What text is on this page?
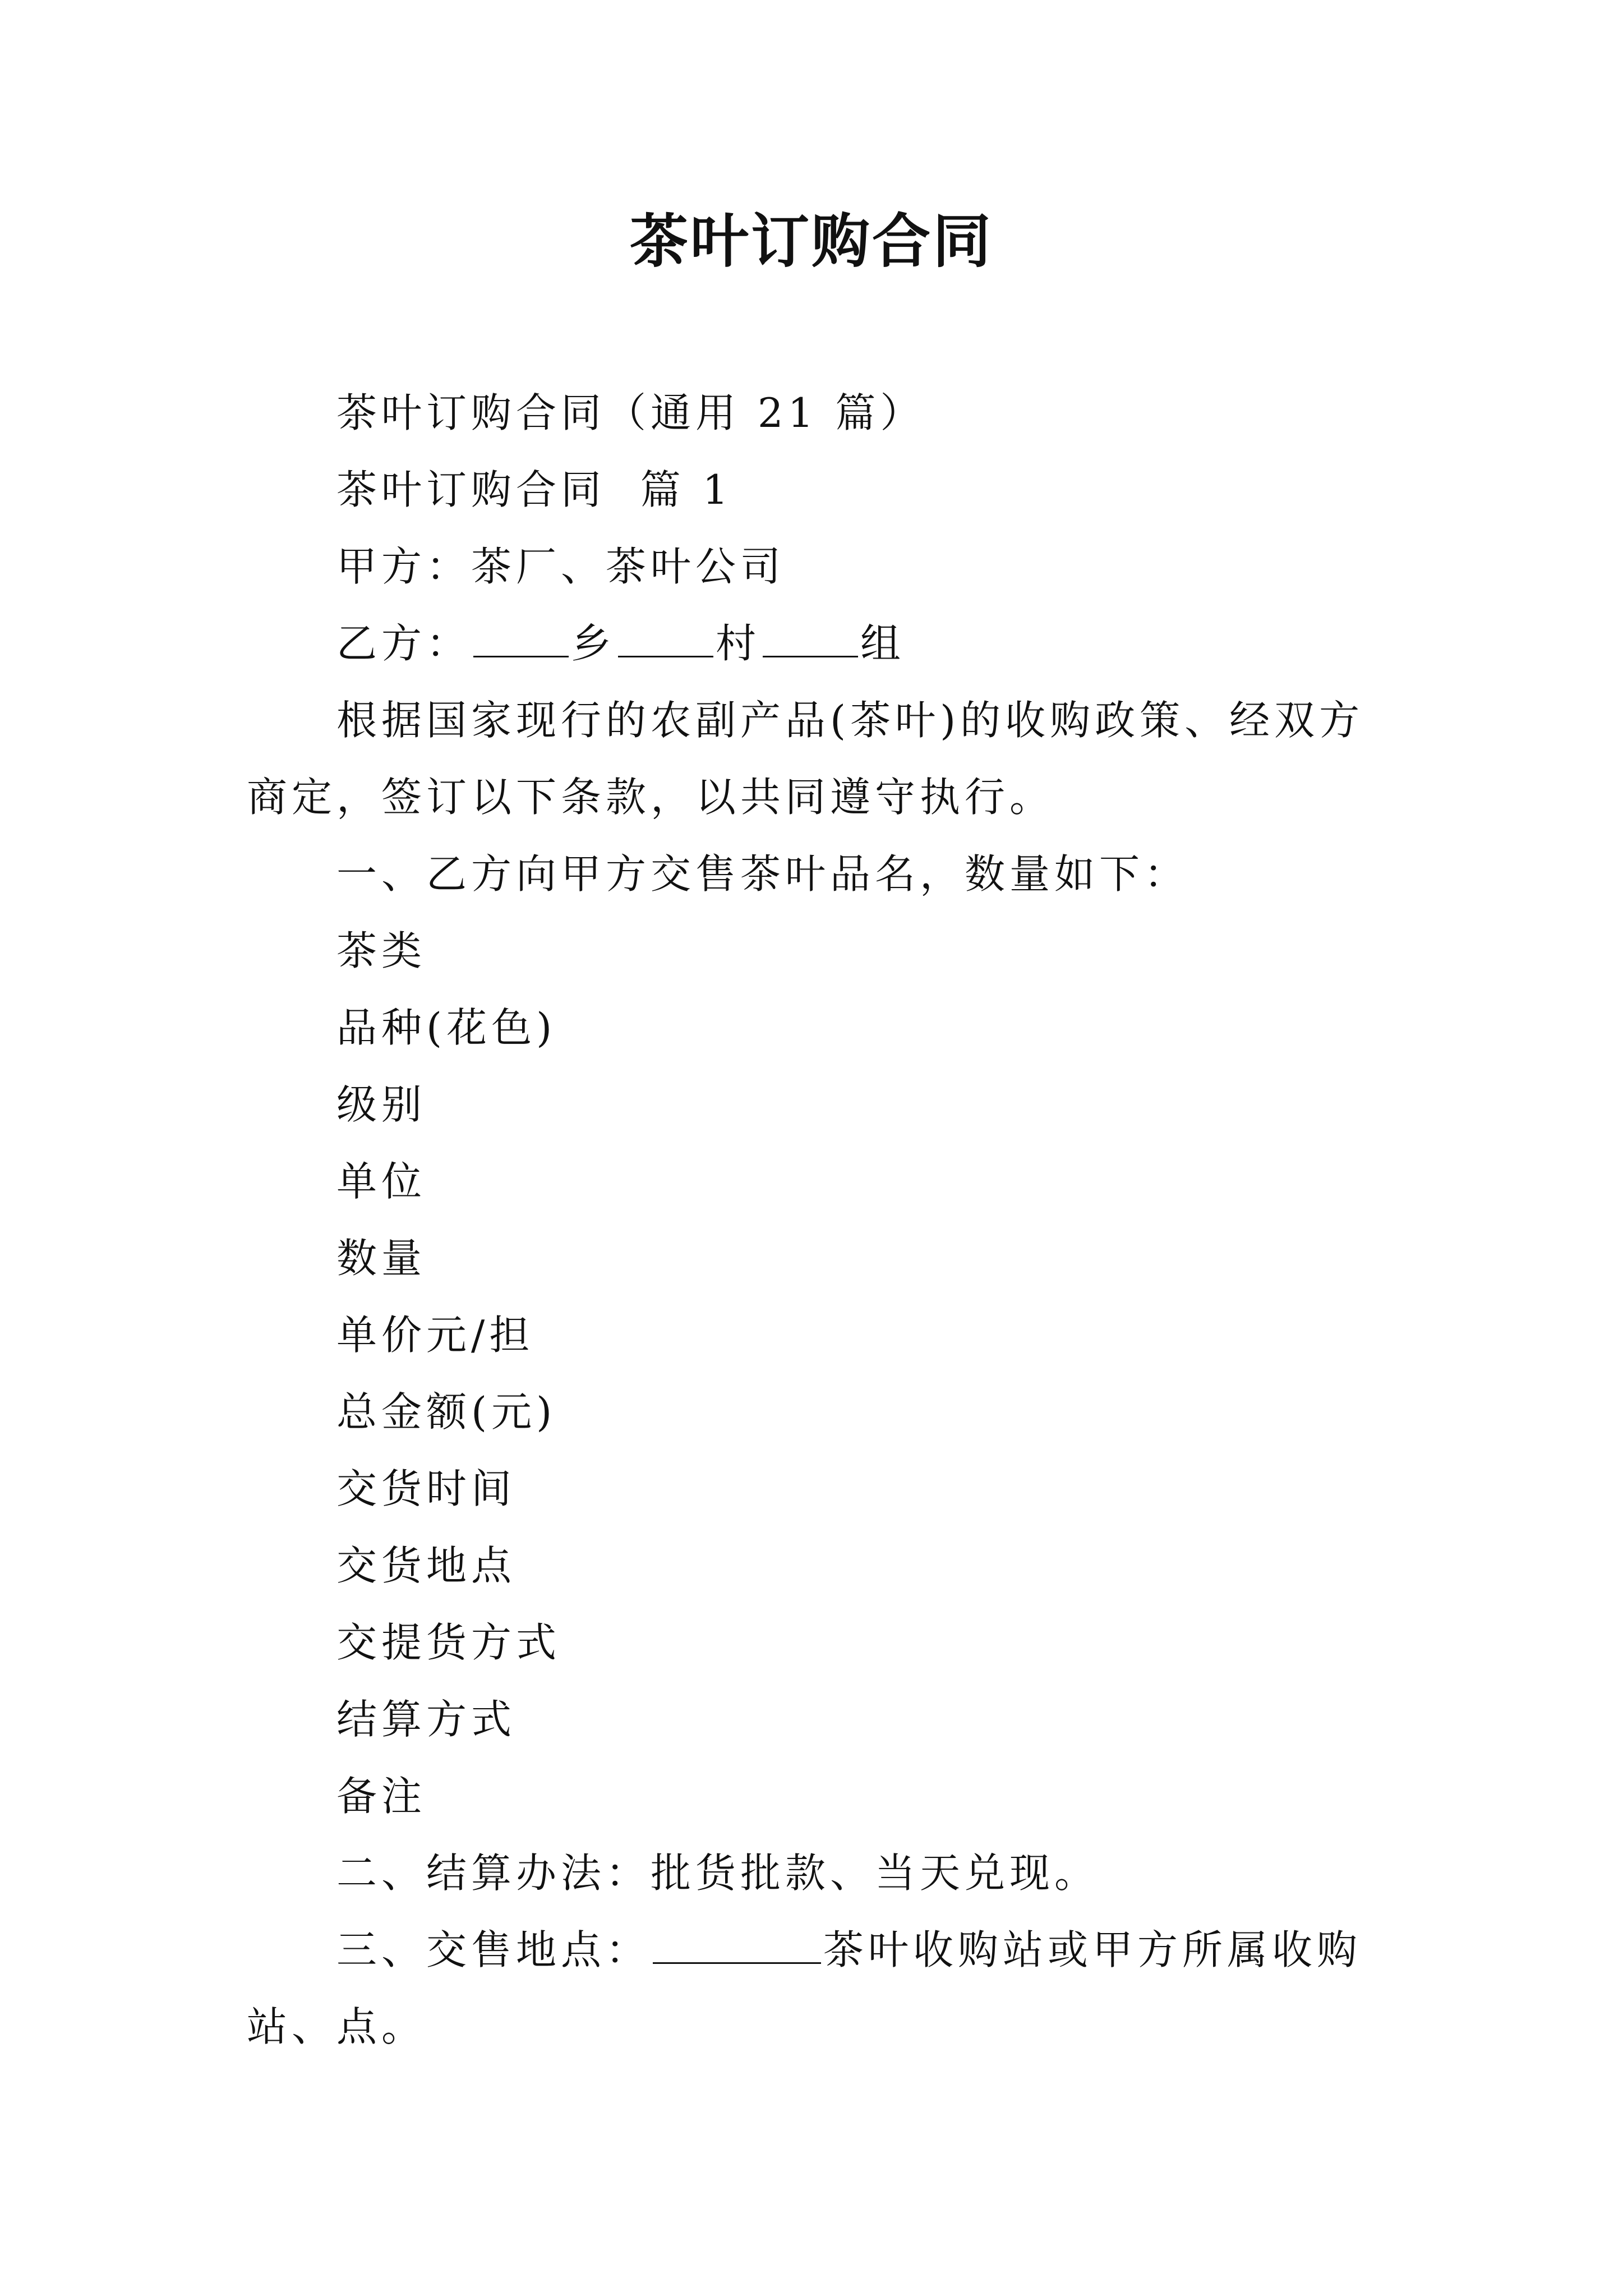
茶叶订购合同

茶叶订购合同（通用 21 篇）

茶叶订购合同  篇 1

甲方：茶厂、茶叶公司

乙方： 乡 村 组

根据国家现行的农副产品(茶叶)的收购政策、经双方商定，签订以下条款，以共同遵守执行。

一、乙方向甲方交售茶叶品名，数量如下：

茶类

品种(花色)

级别

单位

数量

单价元/担

总金额(元)

交货时间

交货地点

交提货方式

结算方式

备注

二、结算办法：批货批款、当天兑现。

三、交售地点：	茶叶收购站或甲方所属收购站、点。
